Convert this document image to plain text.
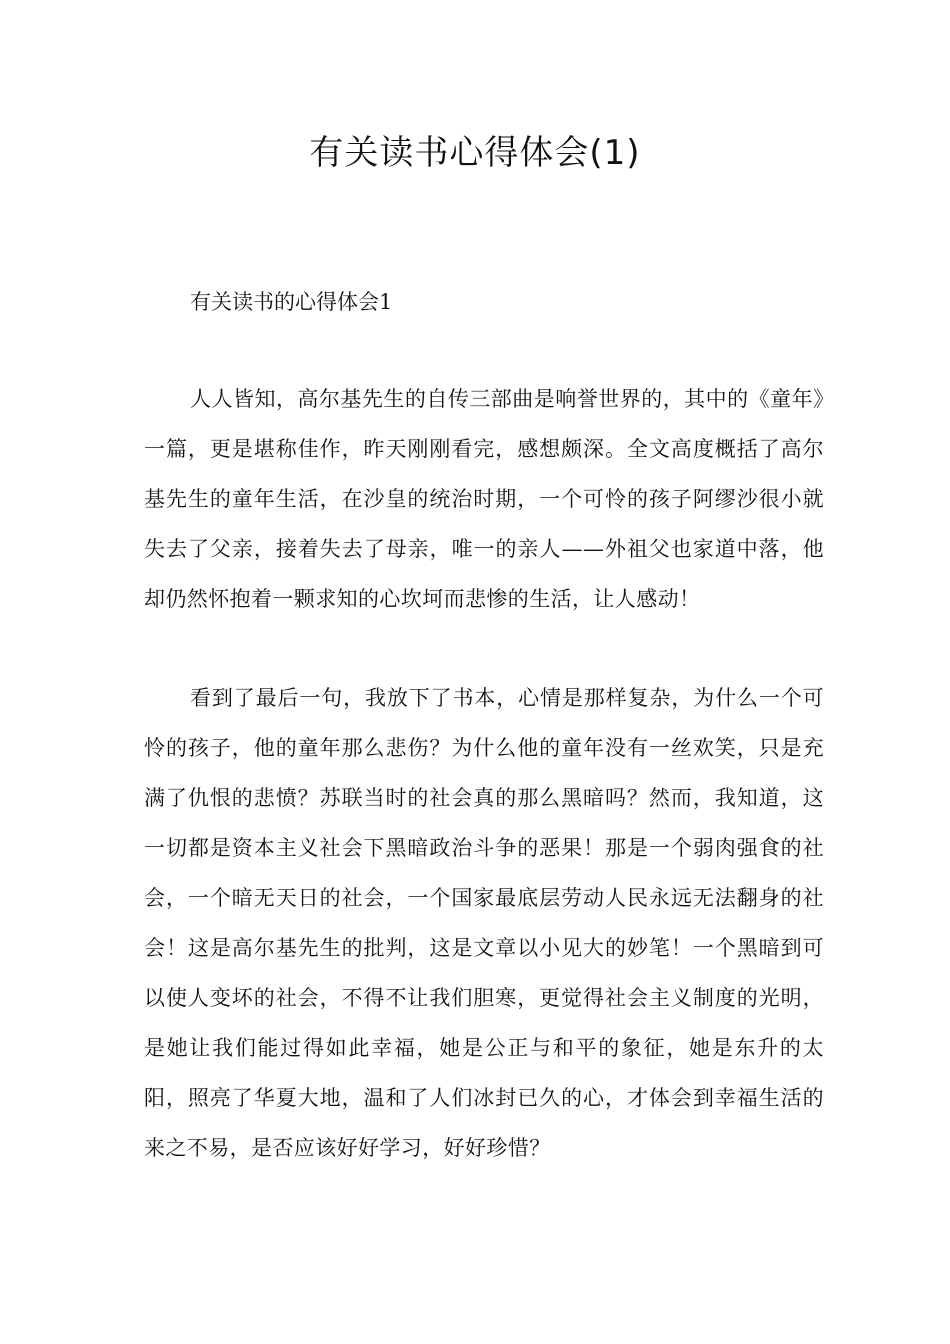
有关读书心得体会(1)

有关读书的心得体会1

人人皆知，高尔基先生的自传三部曲是响誉世界的，其中的《童年》一篇，更是堪称佳作，昨天刚刚看完，感想颇深。全文高度概括了高尔基先生的童年生活，在沙皇的统治时期，一个可怜的孩子阿缪沙很小就失去了父亲，接着失去了母亲，唯一的亲人——外祖父也家道中落，他却仍然怀抱着一颗求知的心坎坷而悲惨的生活，让人感动！

看到了最后一句，我放下了书本，心情是那样复杂，为什么一个可怜的孩子，他的童年那么悲伤？为什么他的童年没有一丝欢笑，只是充满了仇恨的悲愤？苏联当时的社会真的那么黑暗吗？然而，我知道，这一切都是资本主义社会下黑暗政治斗争的恶果！那是一个弱肉强食的社会，一个暗无天日的社会，一个国家最底层劳动人民永远无法翻身的社会！这是高尔基先生的批判，这是文章以小见大的妙笔！一个黑暗到可以使人变坏的社会，不得不让我们胆寒，更觉得社会主义制度的光明，是她让我们能过得如此幸福，她是公正与和平的象征，她是东升的太阳，照亮了华夏大地，温和了人们冰封已久的心，才体会到幸福生活的来之不易，是否应该好好学习，好好珍惜？
